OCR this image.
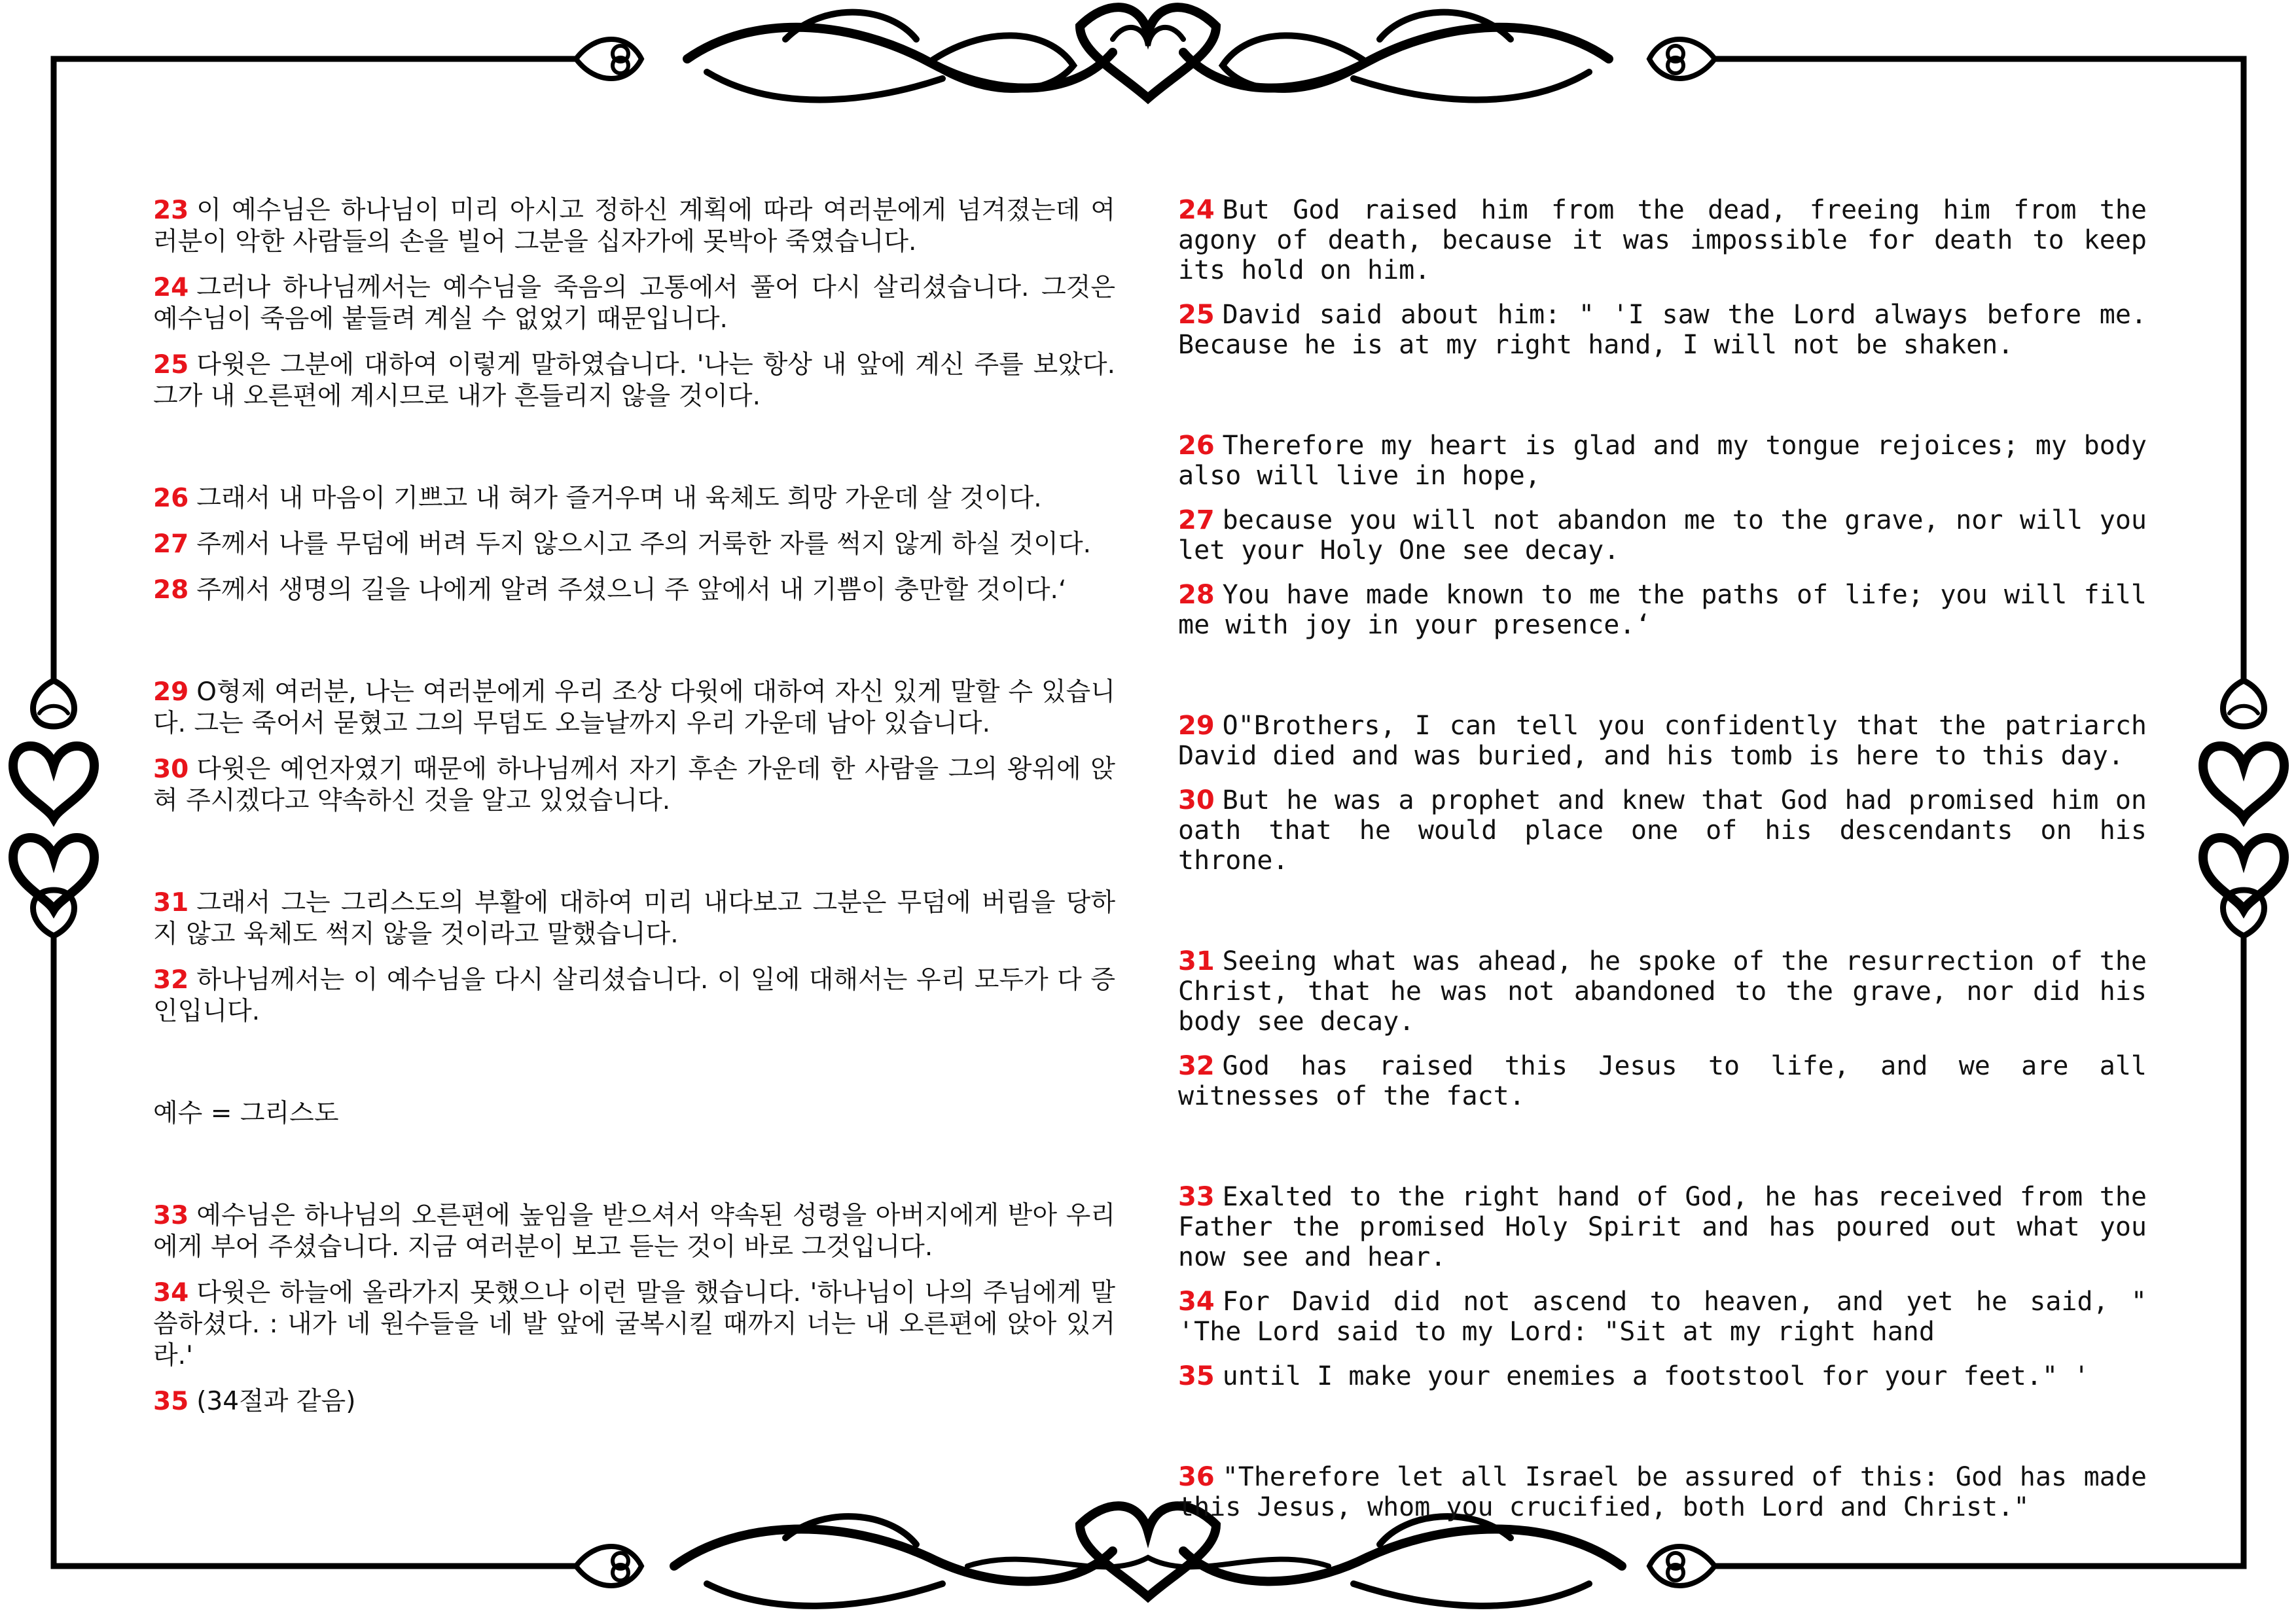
23 이 예수님은 하나님이 미리 아시고 정하신 계획에 따라 여러분에게 넘겨졌는데 여러분이 악한 사람들의 손을 빌어 그분을 십자가에 못박아 죽였습니다.

24 그러나 하나님께서는 예수님을 죽음의 고통에서 풀어 다시 살리셨습니다. 그것은 예수님이 죽음에 붙들려 계실 수 없었기 때문입니다.

25 다윗은 그분에 대하여 이렇게 말하였습니다. '나는 항상 내 앞에 계신 주를 보았다. 그가 내 오른편에 계시므로 내가 흔들리지 않을 것이다.

26 그래서 내 마음이 기쁘고 내 혀가 즐거우며 내 육체도 희망 가운데 살 것이다.

27 주께서 나를 무덤에 버려 두지 않으시고 주의 거룩한 자를 썩지 않게 하실 것이다.

28 주께서 생명의 길을 나에게 알려 주셨으니 주 앞에서 내 기쁨이 충만할 것이다.‘

29 O형제 여러분, 나는 여러분에게 우리 조상 다윗에 대하여 자신 있게 말할 수 있습니다. 그는 죽어서 묻혔고 그의 무덤도 오늘날까지 우리 가운데 남아 있습니다.

30 다윗은 예언자였기 때문에 하나님께서 자기 후손 가운데 한 사람을 그의 왕위에 앉혀 주시겠다고 약속하신 것을 알고 있었습니다.

31 그래서 그는 그리스도의 부활에 대하여 미리 내다보고 그분은 무덤에 버림을 당하지 않고 육체도 썩지 않을 것이라고 말했습니다.

32 하나님께서는 이 예수님을 다시 살리셨습니다. 이 일에 대해서는 우리 모두가 다 증인입니다.

예수 = 그리스도

33 예수님은 하나님의 오른편에 높임을 받으셔서 약속된 성령을 아버지에게 받아 우리에게 부어 주셨습니다. 지금 여러분이 보고 듣는 것이 바로 그것입니다.

34 다윗은 하늘에 올라가지 못했으나 이런 말을 했습니다. '하나님이 나의 주님에게 말씀하셨다. : 내가 네 원수들을 네 발 앞에 굴복시킬 때까지 너는 내 오른편에 앉아 있거라.'

35 (34절과 같음)

24 But God raised him from the dead, freeing him from the agony of death, because it was impossible for death to keep its hold on him.

25 David said about him: " 'I saw the Lord always before me. Because he is at my right hand, I will not be shaken.

26 Therefore my heart is glad and my tongue rejoices; my body also will live in hope,

27 because you will not abandon me to the grave, nor will you let your Holy One see decay.

28 You have made known to me the paths of life; you will fill me with joy in your presence.‘

29 O"Brothers, I can tell you confidently that the patriarch David died and was buried, and his tomb is here to this day.

30 But he was a prophet and knew that God had promised him on oath that he would place one of his descendants on his throne.

31 Seeing what was ahead, he spoke of the resurrection of the Christ, that he was not abandoned to the grave, nor did his body see decay.

32 God has raised this Jesus to life, and we are all witnesses of the fact.

33 Exalted to the right hand of God, he has received from the Father the promised Holy Spirit and has poured out what you now see and hear.

34 For David did not ascend to heaven, and yet he said, " 'The Lord said to my Lord: "Sit at my right hand

35 until I make your enemies a footstool for your feet." '

36 "Therefore let all Israel be assured of this: God has made this Jesus, whom you crucified, both Lord and Christ."
